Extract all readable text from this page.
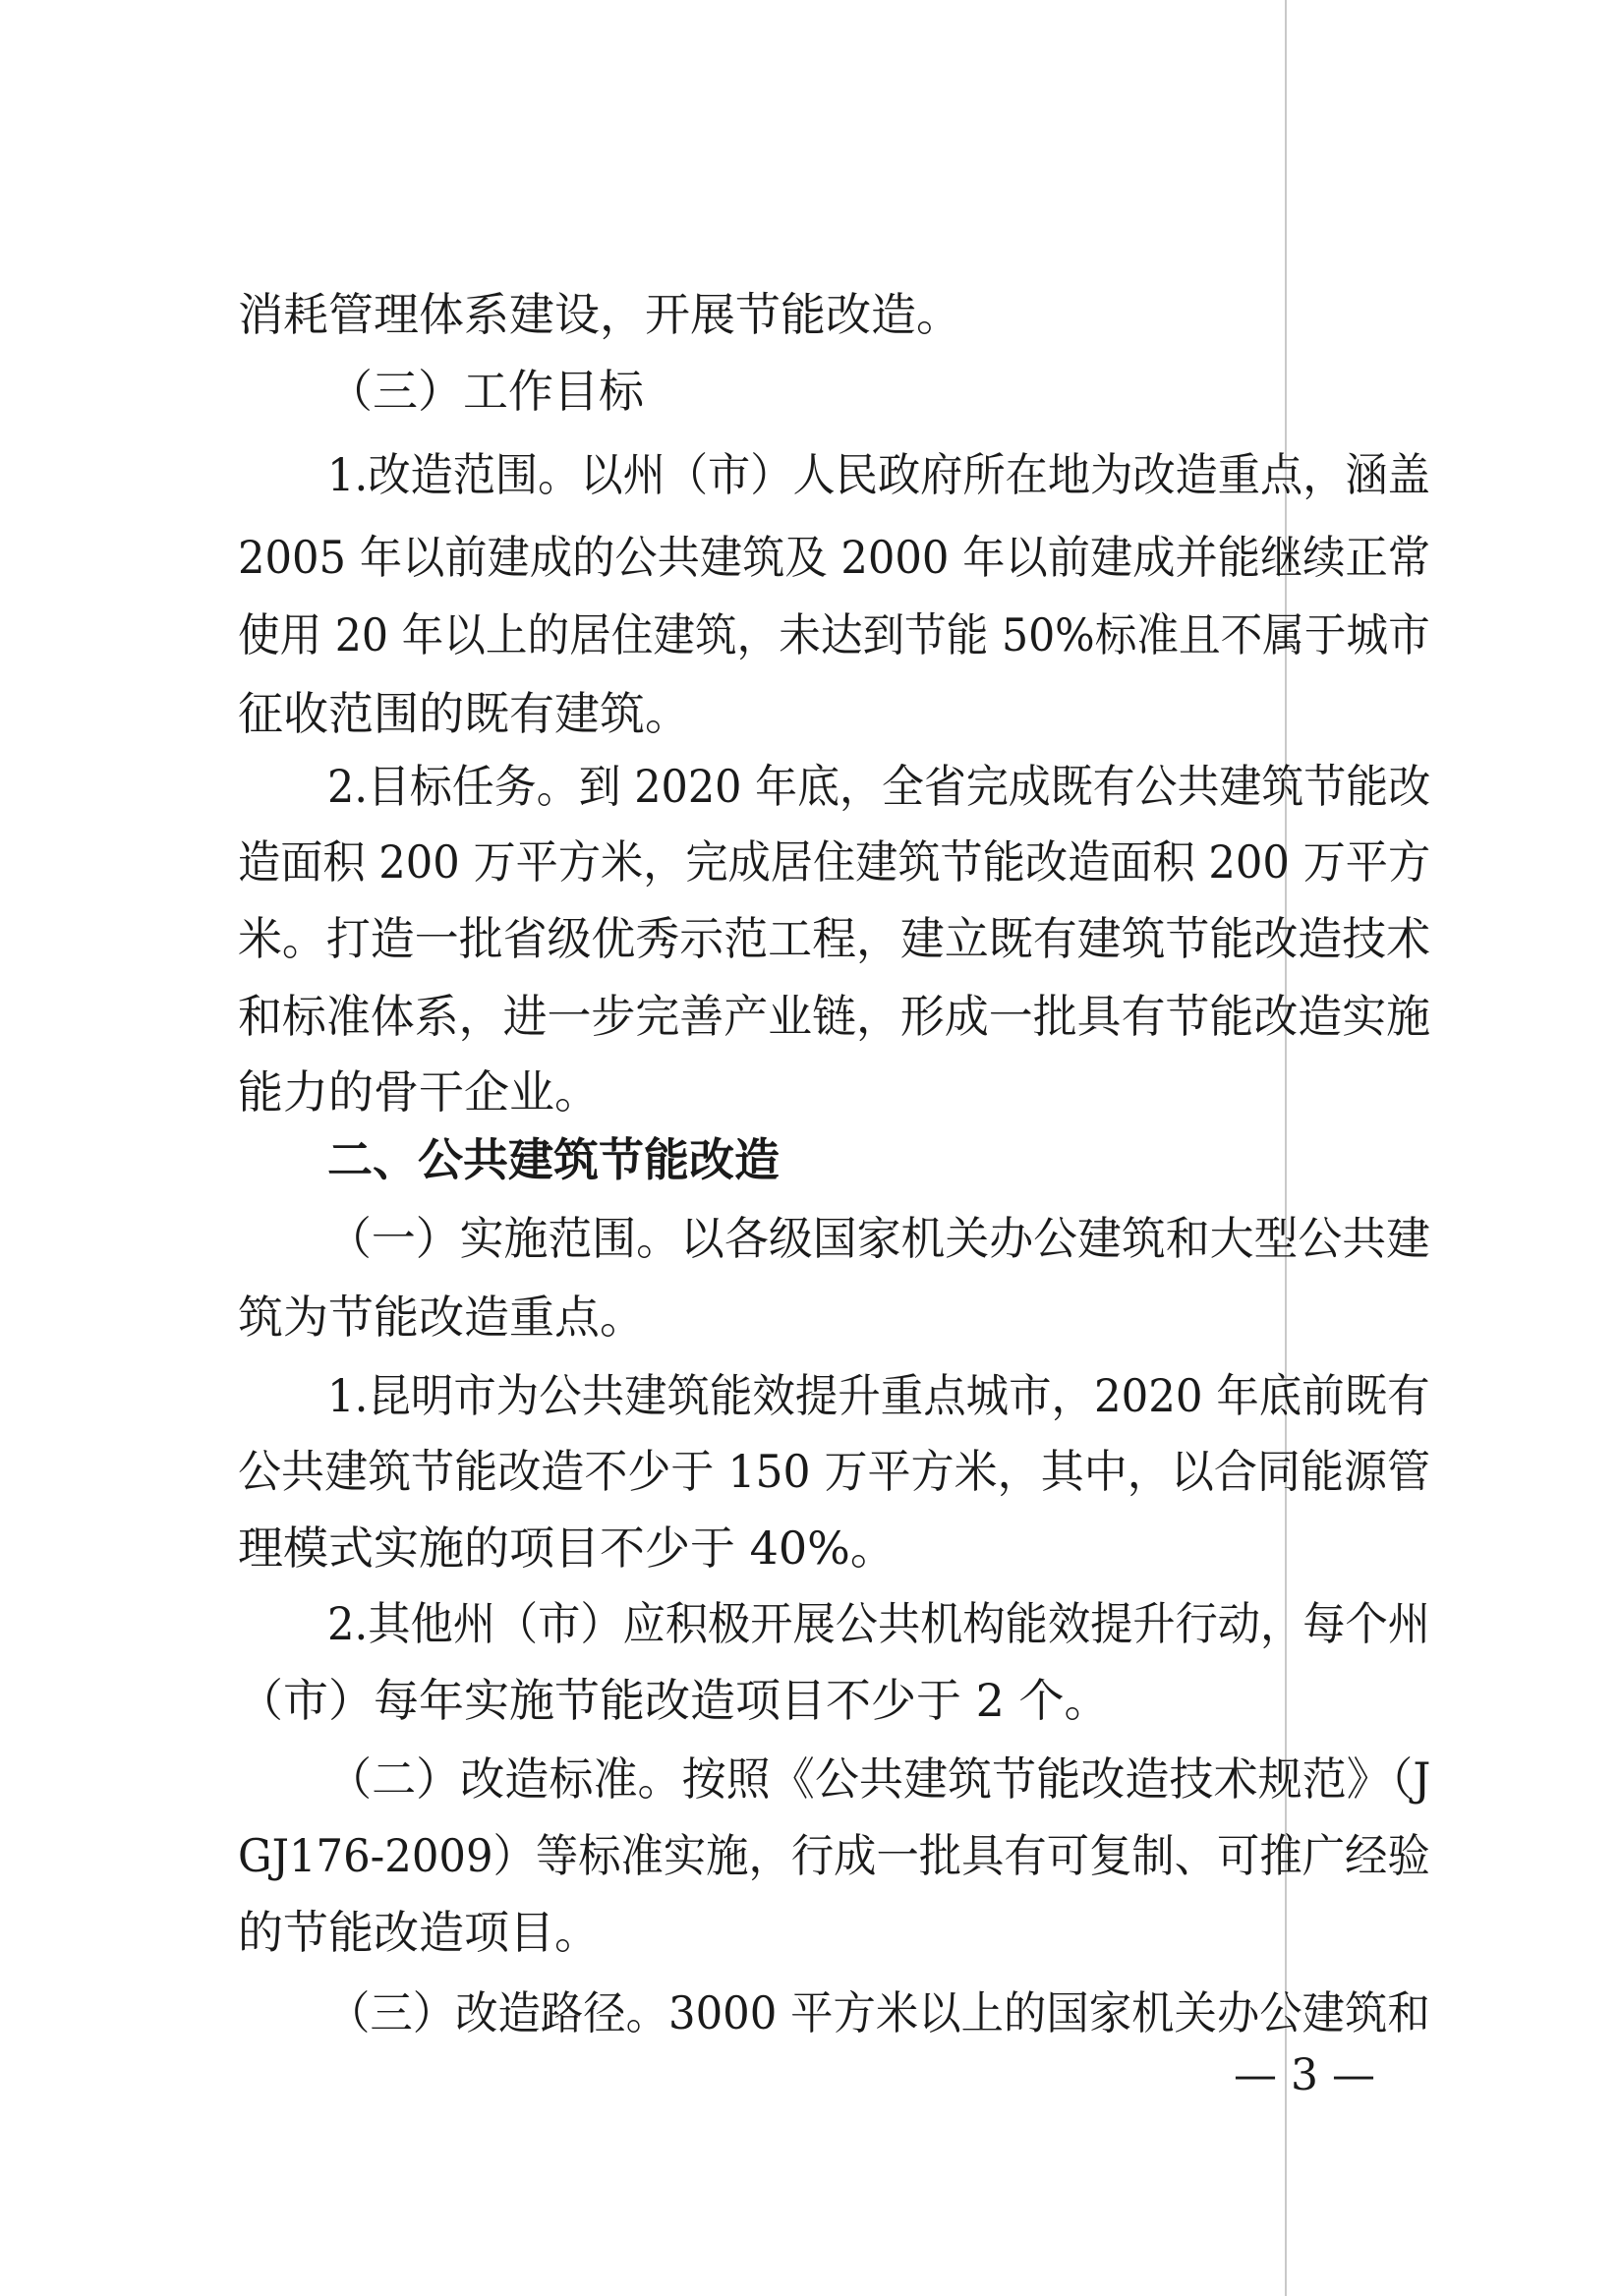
消耗管理体系建设，开展节能改造。
（三）工作目标
1.改造范围。以州（市）人民政府所在地为改造重点，涵盖
2005 年以前建成的公共建筑及 2000 年以前建成并能继续正常
使用 20 年以上的居住建筑，未达到节能 50%标准且不属于城市
征收范围的既有建筑。
2.目标任务。到 2020 年底，全省完成既有公共建筑节能改
造面积 200 万平方米，完成居住建筑节能改造面积 200 万平方
米。打造一批省级优秀示范工程，建立既有建筑节能改造技术
和标准体系，进一步完善产业链，形成一批具有节能改造实施
能力的骨干企业。
二、公共建筑节能改造
（一）实施范围。以各级国家机关办公建筑和大型公共建
筑为节能改造重点。
1.昆明市为公共建筑能效提升重点城市，2020 年底前既有
公共建筑节能改造不少于 150 万平方米，其中，以合同能源管
理模式实施的项目不少于 40%。
2.其他州（市）应积极开展公共机构能效提升行动，每个州
（市）每年实施节能改造项目不少于 2 个。
（二）改造标准。按照《公共建筑节能改造技术规范》（J
GJ176-2009）等标准实施，行成一批具有可复制、可推广经验
的节能改造项目。
（三）改造路径。3000 平方米以上的国家机关办公建筑和
— 3 —
